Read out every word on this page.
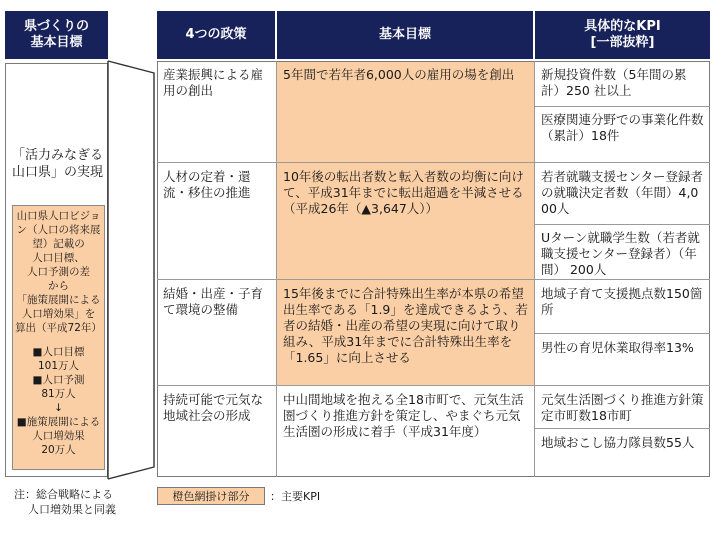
県づくりの
基本目標
「活力みなぎる
山口県」の実現
山口県人口ビジョ
ン（人口の将来展
望）記載の
人口目標、
人口予測の差
から
「施策展開による
人口増効果」を
算出（平成72年）
■人口目標
101万人
■人口予測
81万人
↓
■施策展開による
人口増効果
20万人
4つの政策	基本目標
具体的なKPI
[一部抜粋]
産業振興による雇用の創出
5年間で若年者6,000人の雇用の場を創出	新規投資件数（5年間の累計）250 社以上
医療関連分野での事業化件数（累計）18件
人材の定着・還流・移住の推進
10年後の転出者数と転入者数の均衡に向けて、平成31年までに転出超過を半減させる（平成26年（▲3,647人））
若者就職支援センター登録者の就職決定者数（年間）4,000人
Uターン就職学生数（若者就職支援センター登録者）（年間） 200人
結婚・出産・子育て環境の整備
15年後までに合計特殊出生率が本県の希望出生率である「1.9」を達成できるよう、若者の結婚・出産の希望の実現に向けて取り組み、平成31年までに合計特殊出生率を「1.65」に向上させる
地域子育て支援拠点数150箇所
男性の育児休業取得率13%
持続可能で元気な地域社会の形成
中山間地域を抱える全18市町で、元気生活圏づくり推進方針を策定し、やまぐち元気生活圏の形成に着手（平成31年度）
元気生活圏づくり推進方針策定市町数18市町
地域おこし協力隊員数55人
注：総合戦略による
人口増効果と同義
橙色網掛け部分 ：主要KPI
